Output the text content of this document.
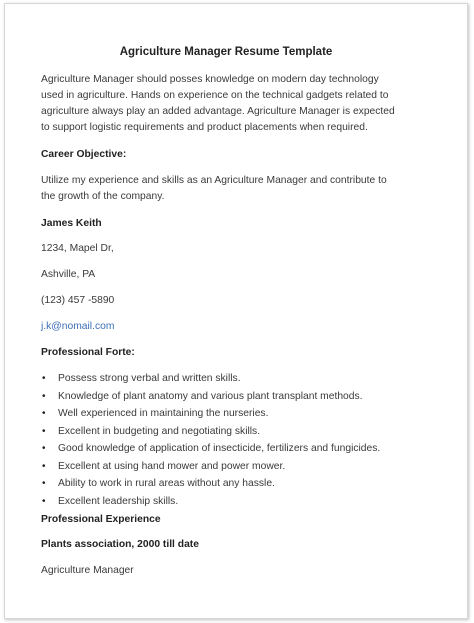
Agriculture Manager Resume Template

Agriculture Manager should posses knowledge on modern day technology used in agriculture. Hands on experience on the technical gadgets related to agriculture always play an added advantage. Agriculture Manager is expected to support logistic requirements and product placements when required.

Career Objective:

Utilize my experience and skills as an Agriculture Manager and contribute to the growth of the company.

James Keith

1234, Mapel Dr,

Ashville, PA

(123) 457 -5890

j.k@nomail.com

Professional Forte:

• Possess strong verbal and written skills.
• Knowledge of plant anatomy and various plant transplant methods.
• Well experienced in maintaining the nurseries.
• Excellent in budgeting and negotiating skills.
• Good knowledge of application of insecticide, fertilizers and fungicides.
• Excellent at using hand mower and power mower.
• Ability to work in rural areas without any hassle.
• Excellent leadership skills.

Professional Experience

Plants association, 2000 till date

Agriculture Manager
